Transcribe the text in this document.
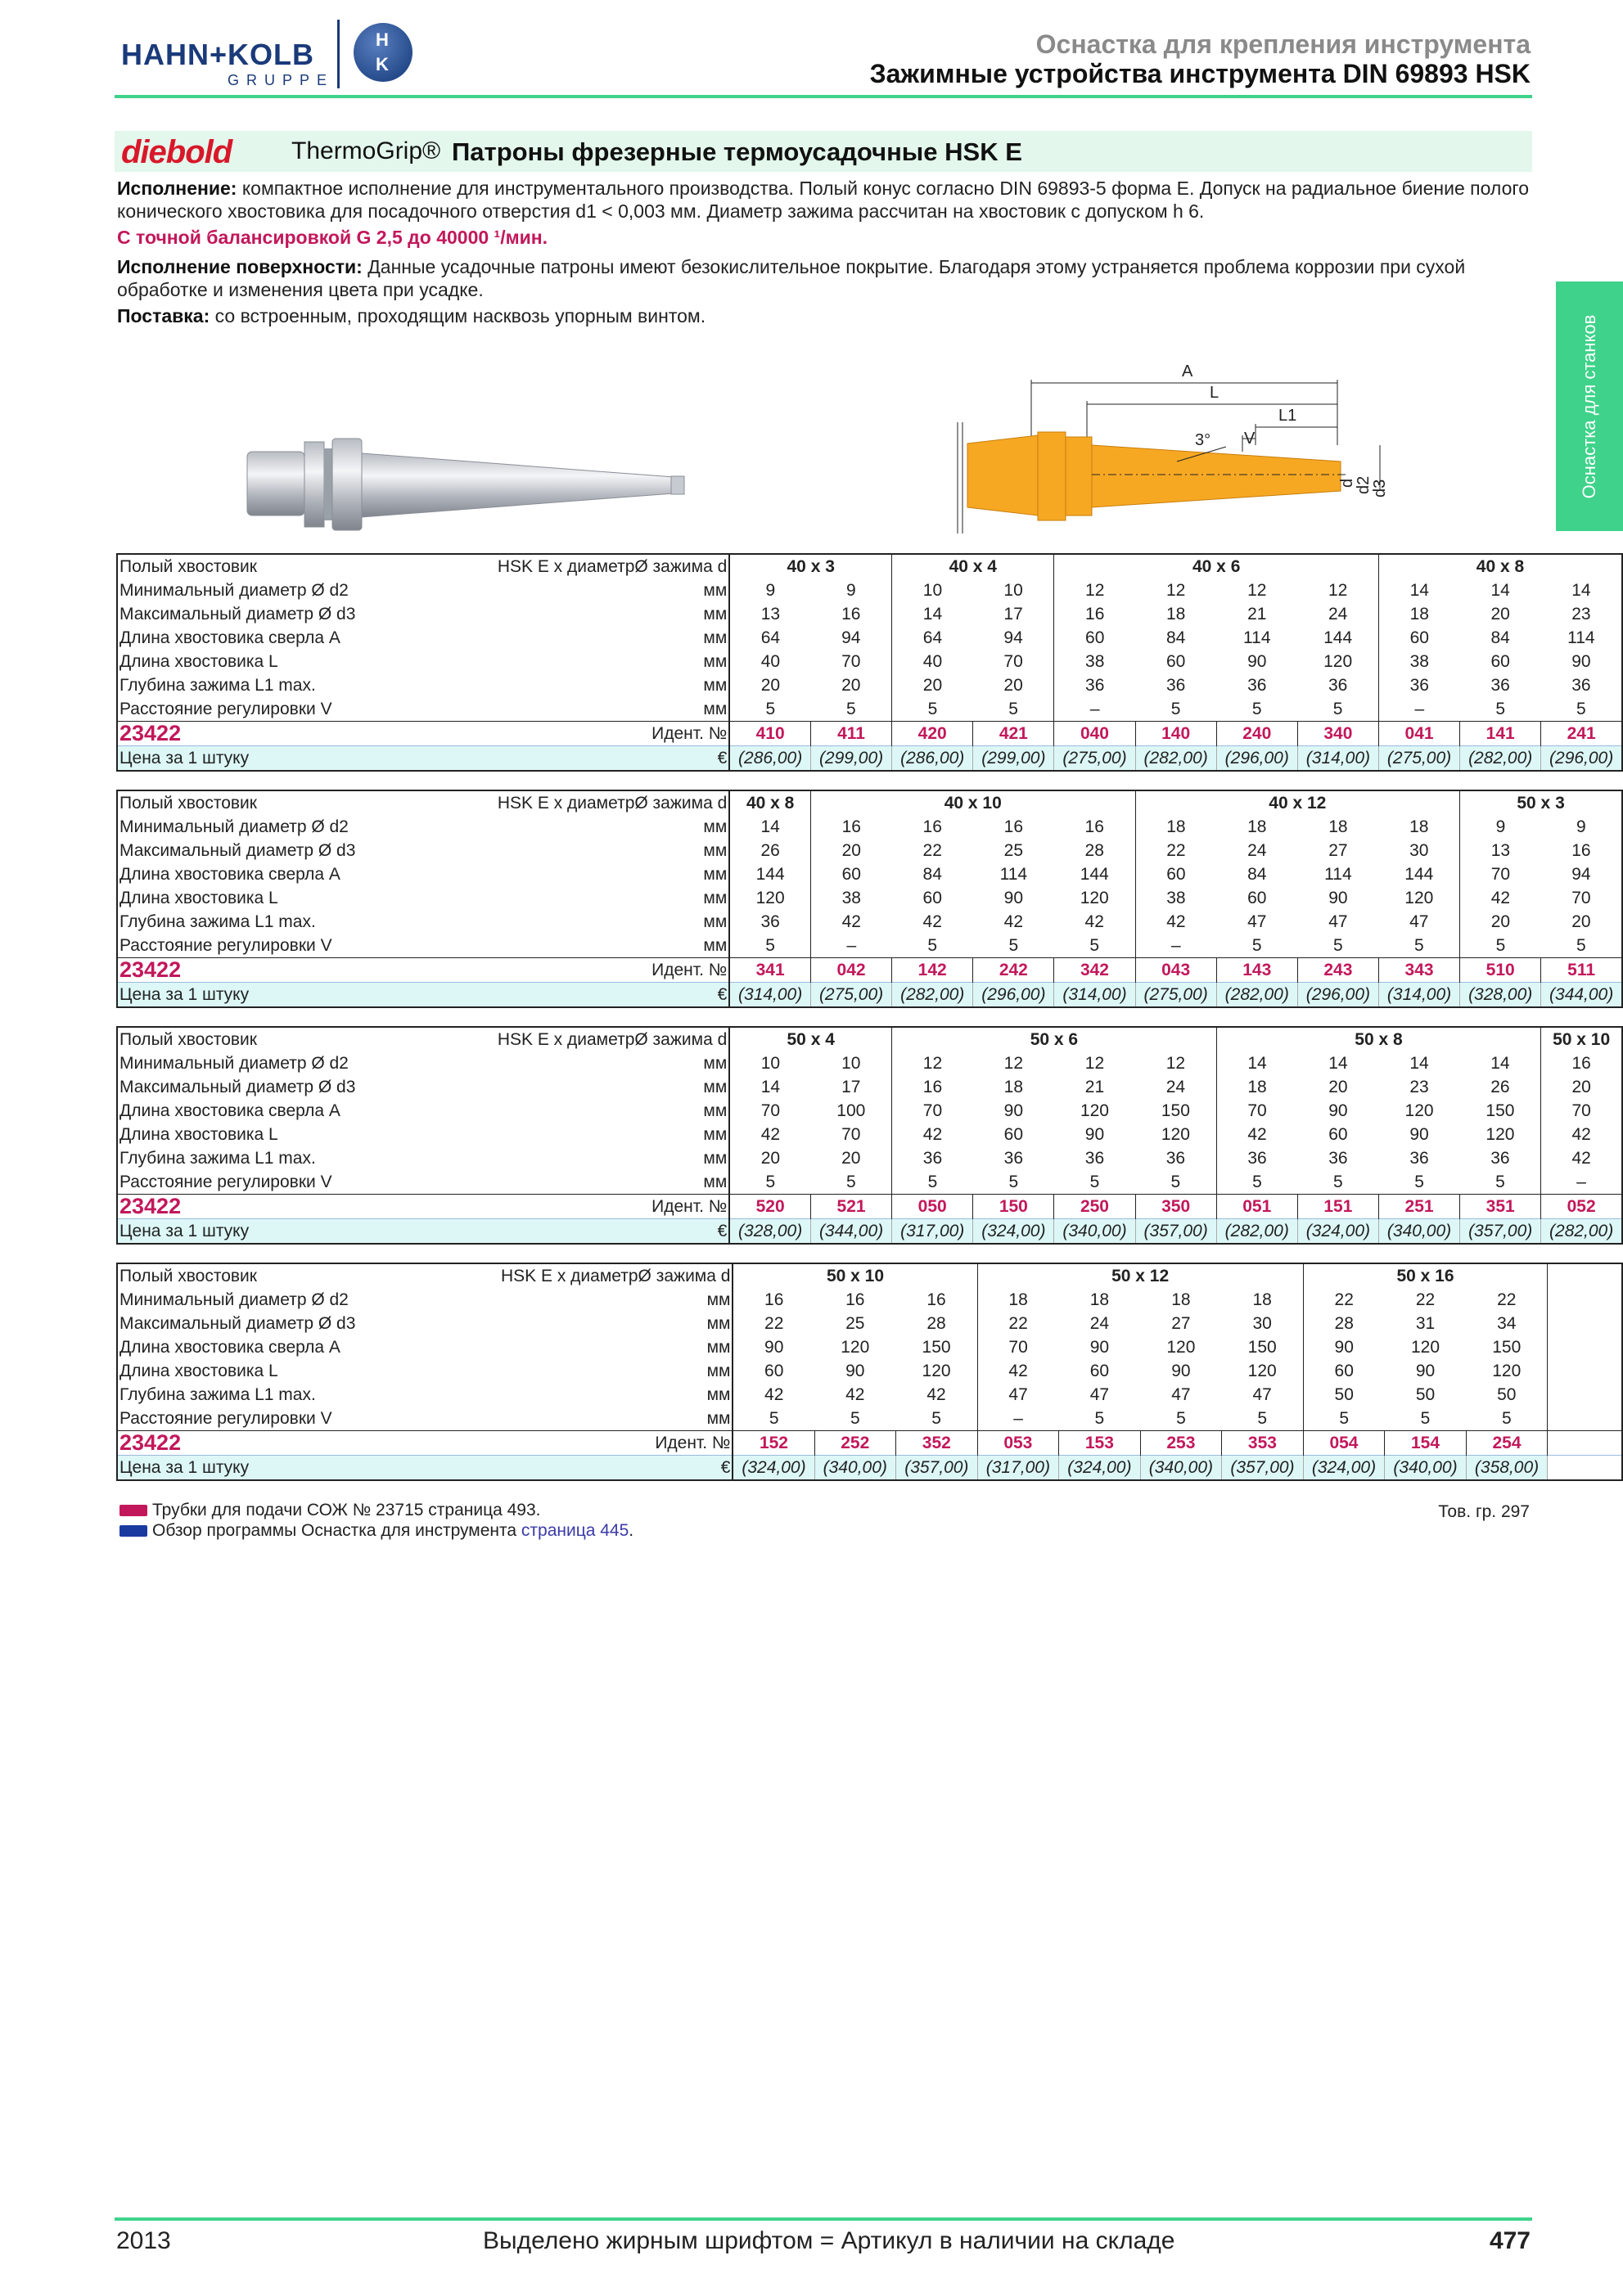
HAHN+KOLB
GRUPPE
H
K
Оснастка для крепления инструмента
Зажимные устройства инструмента DIN 69893 HSK
diebold ThermoGrip® Патроны фрезерные термоусадочные HSK E
Исполнение: компактное исполнение для инструментального производства. Полый конус согласно DIN 69893-5 форма E. Допуск на радиальное биение полого конического хвостовика для посадочного отверстия d1 < 0,003 мм. Диаметр зажима рассчитан на хвостовик с допуском h 6.
С точной балансировкой G 2,5 до 40000 ¹/мин.
Исполнение поверхности: Данные усадочные патроны имеют безокислительное покрытие. Благодаря этому устраняется проблема коррозии при сухой обработке и изменения цвета при усадке.
Поставка: со встроенным, проходящим насквозь упорным винтом.	Оснастка для станков
A
L
L1
V
3°
d
d2
d3
Полый хвостовик	HSK E x диаметрØ зажима d	40 x 3		40 x 4		40 x 6				40 x 8		
Минимальный диаметр Ø d2	мм	9	9	10	10	12	12	12	12	14	14	14
Максимальный диаметр Ø d3	мм	13	16	14	17	16	18	21	24	18	20	23
Длина хвостовика сверла A	мм	64	94	64	94	60	84	114	144	60	84	114
Длина хвостовика L	мм	40	70	40	70	38	60	90	120	38	60	90
Глубина зажима L1 max.	мм	20	20	20	20	36	36	36	36	36	36	36
Расстояние регулировки V	мм	5	5	5	5	–	5	5	5	–	5	5
23422	Идент. №	410	411	420	421	040	140	240	340	041	141	241
Цена за 1 штуку	€	(286,00)	(299,00)	(286,00)	(299,00)	(275,00)	(282,00)	(296,00)	(314,00)	(275,00)	(282,00)	(296,00)
Полый хвостовик	HSK E x диаметрØ зажима d	40 x 8	40 x 10				40 x 12				50 x 3	
Минимальный диаметр Ø d2	мм	14	16	16	16	16	18	18	18	18	9	9
Максимальный диаметр Ø d3	мм	26	20	22	25	28	22	24	27	30	13	16
Длина хвостовика сверла A	мм	144	60	84	114	144	60	84	114	144	70	94
Длина хвостовика L	мм	120	38	60	90	120	38	60	90	120	42	70
Глубина зажима L1 max.	мм	36	42	42	42	42	42	47	47	47	20	20
Расстояние регулировки V	мм	5	–	5	5	5	–	5	5	5	5	5
23422	Идент. №	341	042	142	242	342	043	143	243	343	510	511
Цена за 1 штуку	€	(314,00)	(275,00)	(282,00)	(296,00)	(314,00)	(275,00)	(282,00)	(296,00)	(314,00)	(328,00)	(344,00)
Полый хвостовик	HSK E x диаметрØ зажима d	50 x 4		50 x 6				50 x 8				50 x 10
Минимальный диаметр Ø d2	мм	10	10	12	12	12	12	14	14	14	14	16
Максимальный диаметр Ø d3	мм	14	17	16	18	21	24	18	20	23	26	20
Длина хвостовика сверла A	мм	70	100	70	90	120	150	70	90	120	150	70
Длина хвостовика L	мм	42	70	42	60	90	120	42	60	90	120	42
Глубина зажима L1 max.	мм	20	20	36	36	36	36	36	36	36	36	42
Расстояние регулировки V	мм	5	5	5	5	5	5	5	5	5	5	–
23422	Идент. №	520	521	050	150	250	350	051	151	251	351	052
Цена за 1 штуку	€	(328,00)	(344,00)	(317,00)	(324,00)	(340,00)	(357,00)	(282,00)	(324,00)	(340,00)	(357,00)	(282,00)
Полый хвостовик	HSK E x диаметрØ зажима d	50 x 10			50 x 12				50 x 16			
Минимальный диаметр Ø d2	мм	16	16	16	18	18	18	18	22	22	22	
Максимальный диаметр Ø d3	мм	22	25	28	22	24	27	30	28	31	34	
Длина хвостовика сверла A	мм	90	120	150	70	90	120	150	90	120	150	
Длина хвостовика L	мм	60	90	120	42	60	90	120	60	90	120	
Глубина зажима L1 max.	мм	42	42	42	47	47	47	47	50	50	50	
Расстояние регулировки V	мм	5	5	5	–	5	5	5	5	5	5	
23422	Идент. №	152	252	352	053	153	253	353	054	154	254	
Цена за 1 штуку	€	(324,00)	(340,00)	(357,00)	(317,00)	(324,00)	(340,00)	(357,00)	(324,00)	(340,00)	(358,00)	
Трубки для подачи СОЖ № 23715 страница 493.
Обзор программы Оснастка для инструмента страница 445.
Тов. гр. 297
2013	Выделено жирным шрифтом = Артикул в наличии на складе	477
